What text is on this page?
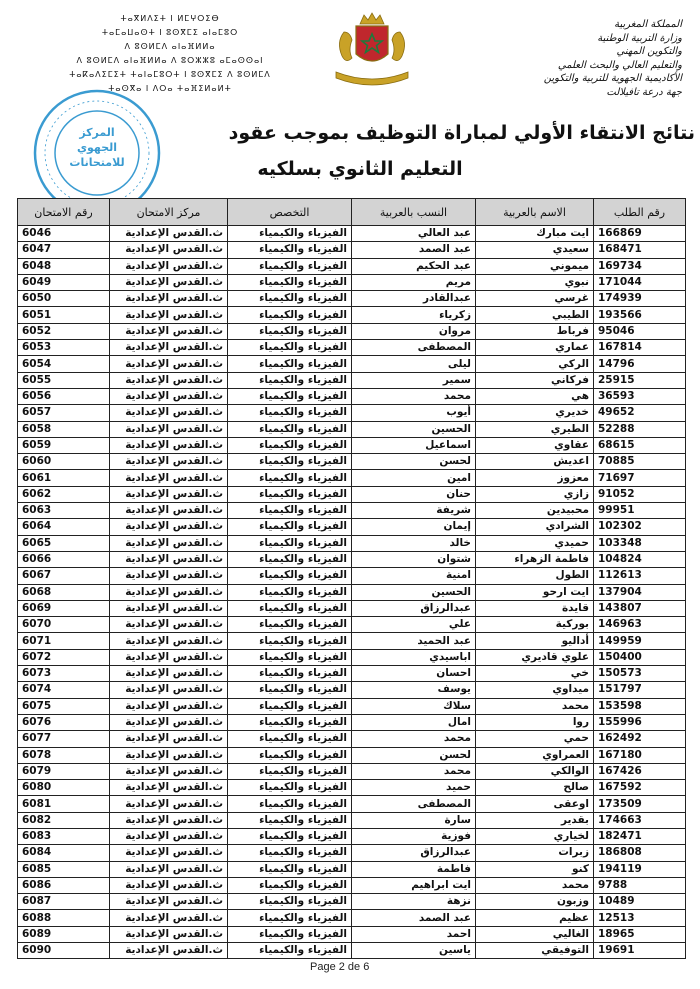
ⵜⴰⴳⵍⴷⵉⵜ ⵏ ⵍⵎⵖⵔⵉⴱ
ⵜⴰⵎⴰⵡⴰⵙⵜ ⵏ ⵓⵙⴳⵎⵉ ⴰⵏⴰⵎⵓⵔ
ⴷ ⵓⵙⵍⵎⴷ ⴰⵏⴰⴼⵍⵍⴰ
ⴷ ⵓⵙⵍⵎⴷ ⴰⵏⴰⴼⵍⵍⴰ ⴷ ⵓⵔⵣⵣⵓ ⴰⵎⴰⵙⵙⴰⵏ
ⵜⴰⴽⴰⴷⵉⵎⵉⵜ ⵜⴰⵏⴰⵎⵓⵔⵜ ⵏ ⵓⵙⴳⵎⵉ ⴷ ⵓⵙⵍⵎⴷ
ⵜⴰⵙⴳⴰ ⵏ ⴷⵔⴰ ⵜⴰⴼⵉⵍⴰⵍⵜ
المملكة المغربية
وزارة التربية الوطنية
والتكوين المهني
والتعليم العالي والبحث العلمي
الأكاديمية الجهوية للتربية والتكوين
جهة درعة تافيلالت
المركز
الجهوي
للامتحانات
نتائج الانتقاء الأولي لمباراة التوظيف بموجب عقود
التعليم الثانوي بسلكيه
رقم الطلب	الاسم بالعربية	النسب بالعربية	التخصص	مركز الامتحان	رقم الامتحان
166869	ايت مبارك	عبد العالي	الفيزياء والكيمياء	ث.القدس الإعدادية	6046
168471	سعيدي	عبد الصمد	الفيزياء والكيمياء	ث.القدس الإعدادية	6047
169734	ميموني	عبد الحكيم	الفيزياء والكيمياء	ث.القدس الإعدادية	6048
171044	نبوي	مريم	الفيزياء والكيمياء	ث.القدس الإعدادية	6049
174939	غرسي	عبدالقادر	الفيزياء والكيمياء	ث.القدس الإعدادية	6050
193566	الطيبي	زكرياء	الفيزياء والكيمياء	ث.القدس الإعدادية	6051
95046	فرباط	مروان	الفيزياء والكيمياء	ث.القدس الإعدادية	6052
167814	عماري	المصطفى	الفيزياء والكيمياء	ث.القدس الإعدادية	6053
14796	الركي	ليلى	الفيزياء والكيمياء	ث.القدس الإعدادية	6054
25915	فركاني	سمير	الفيزياء والكيمياء	ث.القدس الإعدادية	6055
36593	هي	محمد	الفيزياء والكيمياء	ث.القدس الإعدادية	6056
49652	خديري	أيوب	الفيزياء والكيمياء	ث.القدس الإعدادية	6057
52288	الطيري	الحسين	الفيزياء والكيمياء	ث.القدس الإعدادية	6058
68615	عقاوي	اسماعيل	الفيزياء والكيمياء	ث.القدس الإعدادية	6059
70885	اعديش	لحسن	الفيزياء والكيمياء	ث.القدس الإعدادية	6060
71697	معزوز	امين	الفيزياء والكيمياء	ث.القدس الإعدادية	6061
91052	زازي	حنان	الفيزياء والكيمياء	ث.القدس الإعدادية	6062
99951	محبيدين	شريفة	الفيزياء والكيمياء	ث.القدس الإعدادية	6063
102302	الشرادي	إيمان	الفيزياء والكيمياء	ث.القدس الإعدادية	6064
103348	حميدي	خالد	الفيزياء والكيمياء	ث.القدس الإعدادية	6065
104824	فاطمة الزهراء	شتوان	الفيزياء والكيمياء	ث.القدس الإعدادية	6066
112613	الطول	امنية	الفيزياء والكيمياء	ث.القدس الإعدادية	6067
137904	ايت ارحو	الحسين	الفيزياء والكيمياء	ث.القدس الإعدادية	6068
143807	قايدة	عبدالرزاق	الفيزياء والكيمياء	ث.القدس الإعدادية	6069
146963	بوركية	علي	الفيزياء والكيمياء	ث.القدس الإعدادية	6070
149959	أداليو	عبد الحميد	الفيزياء والكيمياء	ث.القدس الإعدادية	6071
150400	علوي قاديري	اباسيدي	الفيزياء والكيمياء	ث.القدس الإعدادية	6072
150573	خي	احسان	الفيزياء والكيمياء	ث.القدس الإعدادية	6073
151797	ميداوي	يوسف	الفيزياء والكيمياء	ث.القدس الإعدادية	6074
153598	محمد	سلاك	الفيزياء والكيمياء	ث.القدس الإعدادية	6075
155996	روا	امال	الفيزياء والكيمياء	ث.القدس الإعدادية	6076
162492	حمي	محمد	الفيزياء والكيمياء	ث.القدس الإعدادية	6077
167180	العمراوي	لحسن	الفيزياء والكيمياء	ث.القدس الإعدادية	6078
167426	الوالكي	محمد	الفيزياء والكيمياء	ث.القدس الإعدادية	6079
167592	صالح	حميد	الفيزياء والكيمياء	ث.القدس الإعدادية	6080
173509	اوعقى	المصطفى	الفيزياء والكيمياء	ث.القدس الإعدادية	6081
174663	بقدير	سارة	الفيزياء والكيمياء	ث.القدس الإعدادية	6082
182471	لخياري	فوزية	الفيزياء والكيمياء	ث.القدس الإعدادية	6083
186808	زبرات	عبدالرزاق	الفيزياء والكيمياء	ث.القدس الإعدادية	6084
194119	كنو	فاطمة	الفيزياء والكيمياء	ث.القدس الإعدادية	6085
9788	محمد	ايت ابراهيم	الفيزياء والكيمياء	ث.القدس الإعدادية	6086
10489	وزبون	نزهة	الفيزياء والكيمياء	ث.القدس الإعدادية	6087
12513	عظيم	عبد الصمد	الفيزياء والكيمياء	ث.القدس الإعدادية	6088
18965	الغاليي	احمد	الفيزياء والكيمياء	ث.القدس الإعدادية	6089
19691	التوفيقي	ياسين	الفيزياء والكيمياء	ث.القدس الإعدادية	6090
Page 2 de 6
